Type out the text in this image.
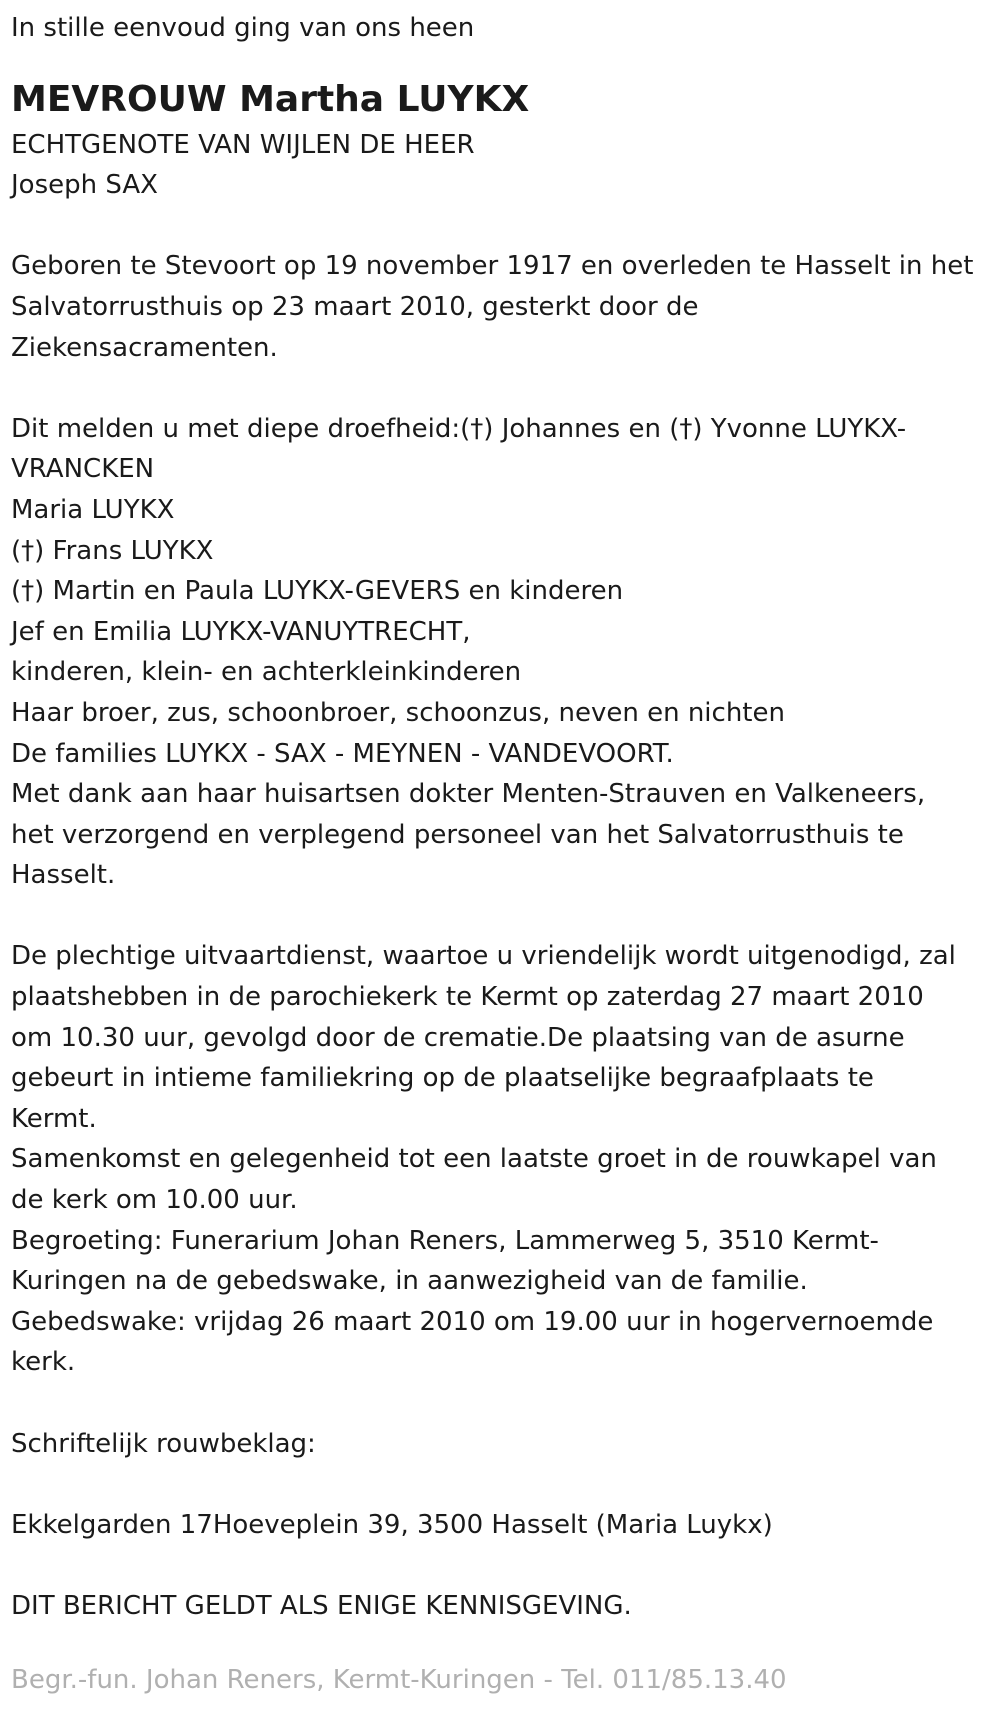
In stille eenvoud ging van ons heen
MEVROUW Martha LUYKX
ECHTGENOTE VAN WIJLEN DE HEER
Joseph SAX
Geboren te Stevoort op 19 november 1917 en overleden te Hasselt in het
Salvatorrusthuis op 23 maart 2010, gesterkt door de
Ziekensacramenten.
Dit melden u met diepe droefheid:(†) Johannes en (†) Yvonne LUYKX-
VRANCKEN
Maria LUYKX
(†) Frans LUYKX
(†) Martin en Paula LUYKX-GEVERS en kinderen
Jef en Emilia LUYKX-VANUYTRECHT,
kinderen, klein- en achterkleinkinderen
Haar broer, zus, schoonbroer, schoonzus, neven en nichten
De families LUYKX - SAX - MEYNEN - VANDEVOORT.
Met dank aan haar huisartsen dokter Menten-Strauven en Valkeneers,
het verzorgend en verplegend personeel van het Salvatorrusthuis te
Hasselt.
De plechtige uitvaartdienst, waartoe u vriendelijk wordt uitgenodigd, zal
plaatshebben in de parochiekerk te Kermt op zaterdag 27 maart 2010
om 10.30 uur, gevolgd door de crematie.De plaatsing van de asurne
gebeurt in intieme familiekring op de plaatselijke begraafplaats te
Kermt.
Samenkomst en gelegenheid tot een laatste groet in de rouwkapel van
de kerk om 10.00 uur.
Begroeting: Funerarium Johan Reners, Lammerweg 5, 3510 Kermt-
Kuringen na de gebedswake, in aanwezigheid van de familie.
Gebedswake: vrijdag 26 maart 2010 om 19.00 uur in hogervernoemde
kerk.
Schriftelijk rouwbeklag:
Ekkelgarden 17Hoeveplein 39, 3500 Hasselt (Maria Luykx)
DIT BERICHT GELDT ALS ENIGE KENNISGEVING.
Begr.-fun. Johan Reners, Kermt-Kuringen - Tel. 011/85.13.40
